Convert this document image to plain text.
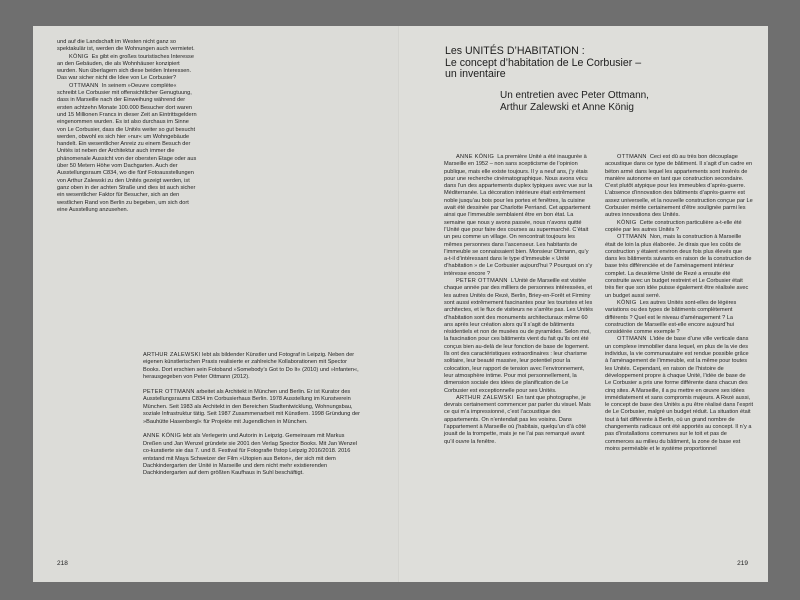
und auf die Landschaft im Westen nicht ganz so spektakulär ist, werden die Wohnungen auch vermietet.

KÖNIG Es gibt ein großes touristisches Interesse an den Gebäuden, die als Wohnhäuser konzipiert wurden. Nun überlagern sich diese beiden Interessen. Das war sicher nicht die Idee von Le Corbusier?

OTTMANN In seinem »Oeuvre complète« schreibt Le Corbusier mit offensichtlicher Genugtuung, dass in Marseille nach der Einweihung während der ersten achtzehn Monate 100.000 Besucher dort waren und 15 Millionen Francs in dieser Zeit an Eintrittsgeldern eingenommen wurden. Es ist also durchaus im Sinne von Le Corbusier, dass die Unités weiter so gut besucht werden, obwohl es sich hier »nur« um Wohngebäude handelt. Ein wesentlicher Anreiz zu einem Besuch der Unités ist neben der Architektur auch immer die phänomenale Aussicht von der obersten Etage oder aus über 50 Metern Höhe vom Dachgarten. Auch der Ausstellungsraum C834, wo die fünf Fotoausstellungen von Arthur Zalewski zu den Unités gezeigt werden, ist ganz oben in der achten Straße und dies ist auch sicher ein wesentlicher Faktor für Besucher, sich an den westlichen Rand von Berlin zu begeben, um sich dort eine Ausstellung anzusehen.

ARTHUR ZALEWSKI lebt als bildender Künstler und Fotograf in Leipzig. Neben der eigenen künstlerischen Praxis realisierte er zahlreiche Kollaborationen mit Spector Books. Dort erschien sein Fotoband »Somebody’s Got to Do It« (2010) und »Infanten«, herausgegeben von Peter Ottmann (2012).

PETER OTTMANN arbeitet als Architekt in München und Berlin. Er ist Kurator des Ausstellungsraums C834 im Corbusierhaus Berlin. 1978 Ausstellung im Kunstverein München. Seit 1983 als Architekt in den Bereichen Stadtentwicklung, Wohnungsbau, soziale Infrastruktur tätig. Seit 1987 Zusammenarbeit mit Künstlern. 1998 Gründung der »Bauhütte Hasenbergl« für Projekte mit Jugendlichen in München.

ANNE KÖNIG lebt als Verlegerin und Autorin in Leipzig. Gemeinsam mit Markus Dreßen und Jan Wenzel gründete sie 2001 den Verlag Spector Books. Mit Jan Wenzel co-kuratierte sie das 7. und 8. Festival für Fotografie f/stop Leipzig 2016/2018. 2016 entstand mit Maya Schweizer der Film »Utopien aus Beton«, der sich mit dem Dachkindergarten der Unité in Marseille und dem nicht mehr existierenden Dachkindergarten auf dem größten Kaufhaus in Suhl beschäftigt.

218

Les UNITÉS D’HABITATION :

Le concept d’habitation de Le Corbusier –

un inventaire

Un entretien avec Peter Ottmann,
Arthur Zalewski et Anne König

ANNE KÖNIG La première Unité a été inaugurée à Marseille en 1952 – non sans scepticisme de l’opinion publique, mais elle existe toujours. Il y a neuf ans, j’y étais pour une recherche cinématographique. Nous avons vécu dans l’un des appartements duplex typiques avec vue sur la Méditerranée. La décoration intérieure était extrêmement noble jusqu’au bois pour les portes et fenêtres, la cuisine avait été dessinée par Charlotte Perriand. Cet appartement ainsi que l’immeuble semblaient être en bon état. La semaine que nous y avons passée, nous n’avons quitté l’Unité que pour faire des courses au supermarché. C’était un peu comme un village. On rencontrait toujours les mêmes personnes dans l’ascenseur. Les habitants de l’immeuble se connaissaient bien. Monsieur Ottmann, qu’y a-t-il d’intéressant dans le type d’immeuble « Unité d’habitation » de Le Corbusier aujourd’hui ? Pourquoi on s’y intéresse encore ?

PETER OTTMANN L’Unité de Marseille est visitée chaque année par des milliers de personnes intéressées, et les autres Unités de Rezé, Berlin, Briey-en-Forêt et Firminy sont aussi extrêmement fascinantes pour les touristes et les architectes, et le flux de visiteurs ne s’arrête pas. Les Unités d’habitation sont des monuments architecturaux même 60 ans après leur création alors qu’il s’agit de bâtiments résidentiels et non de musées ou de pyramides. Selon moi, la fascination pour ces bâtiments vient du fait qu’ils ont été conçus bien au-delà de leur fonction de base de logement. Ils ont des caractéristiques extraordinaires : leur charisme solitaire, leur beauté massive, leur potentiel pour la colocation, leur rapport de tension avec l’environnement, leur atmosphère intime. Pour moi personnellement, la dimension sociale des idées de planification de Le Corbusier est exceptionnelle pour ses Unités.

ARTHUR ZALEWSKI En tant que photographe, je devrais certainement commencer par parler du visuel. Mais ce qui m’a impressionné, c’est l’acoustique des appartements. On n’entendait pas les voisins. Dans l’appartement à Marseille où j’habitais, quelqu’un d’à côté jouait de la trompette, mais je ne l’ai pas remarqué avant qu’il ouvre la fenêtre.

OTTMANN Ceci est dû au très bon découplage acoustique dans ce type de bâtiment. Il s’agit d’un cadre en béton armé dans lequel les appartements sont insérés de manière autonome en tant que construction secondaire. C’est plutôt atypique pour les immeubles d’après-guerre. L’absence d’innovation des bâtiments d’après-guerre est assez universelle, et la nouvelle construction conçue par Le Corbusier mérite certainement d’être soulignée parmi les autres innovations des Unités.

KÖNIG Cette construction particulière a-t-elle été copiée par les autres Unités ?

OTTMANN Non, mais la construction à Marseille était de loin la plus élaborée. Je dirais que les coûts de construction y étaient environ deux fois plus élevés que dans les bâtiments suivants en raison de la construction de base très différenciée et de l’aménagement intérieur complet. La deuxième Unité de Rezé a ensuite été construite avec un budget restreint et Le Corbusier était très fier que son idée puisse également être réalisée avec un budget aussi serré.

KÖNIG Les autres Unités sont-elles de légères variations ou des types de bâtiments complètement différents ? Quel est le niveau d’aménagement ? La construction de Marseille est-elle encore aujourd’hui considérée comme exemple ?

OTTMANN L’idée de base d’une ville verticale dans un complexe immobilier dans lequel, en plus de la vie des individus, la vie communautaire est rendue possible grâce à l’aménagement de l’immeuble, est la même pour toutes les Unités. Cependant, en raison de l’histoire de développement propre à chaque Unité, l’idée de base de Le Corbusier a pris une forme différente dans chacun des cinq sites. A Marseille, il a pu mettre en œuvre ses idées immédiatement et sans compromis majeurs. A Rezé aussi, le concept de base des Unités a pu être réalisé dans l’esprit de Le Corbusier, malgré un budget réduit. La situation était tout à fait différente à Berlin, où un grand nombre de changements radicaux ont été apportés au concept. Il n’y a pas d’installations communes sur le toit et pas de commerces au milieu du bâtiment, la zone de base est moins perméable et le système proportionnel

219
